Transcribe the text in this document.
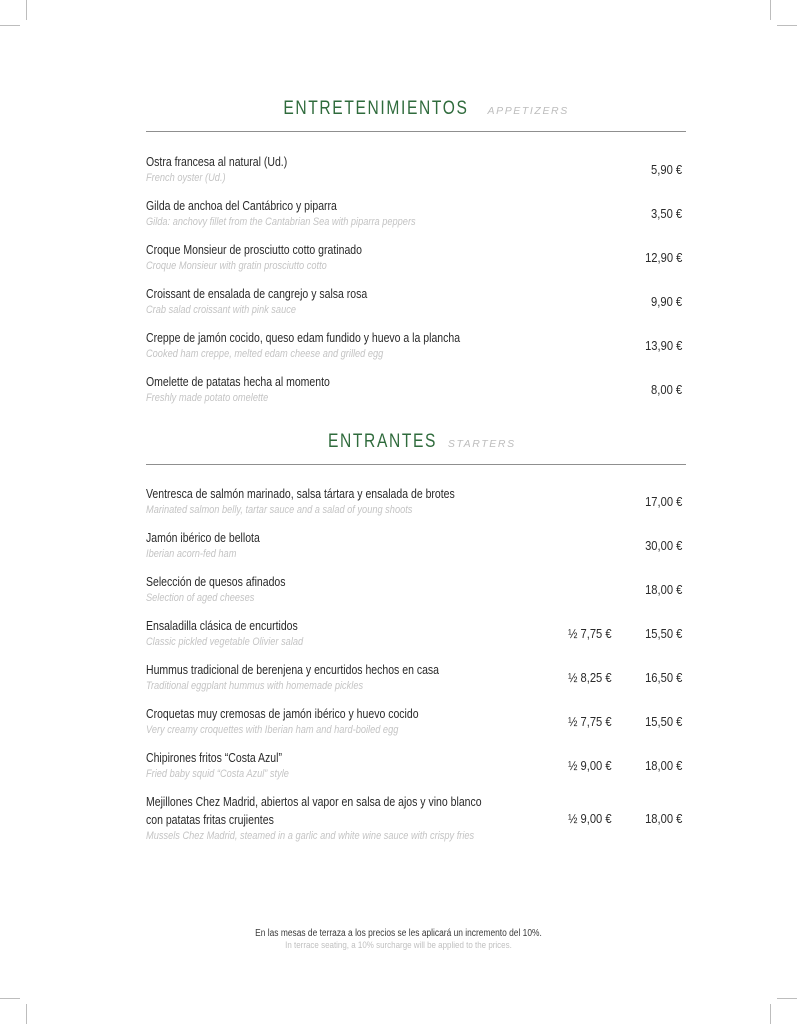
ENTRETENIMIENTOS APPETIZERS
Ostra francesa al natural (Ud.)
French oyster (Ud.)
5,90 €
Gilda de anchoa del Cantábrico y piparra
Gilda: anchovy fillet from the Cantabrian Sea with piparra peppers
3,50 €
Croque Monsieur de prosciutto cotto gratinado
Croque Monsieur with gratin prosciutto cotto
12,90 €
Croissant de ensalada de cangrejo y salsa rosa
Crab salad croissant with pink sauce
9,90 €
Creppe de jamón cocido, queso edam fundido y huevo a la plancha
Cooked ham creppe, melted edam cheese and grilled egg
13,90 €
Omelette de patatas hecha al momento
Freshly made potato omelette
8,00 €
ENTRANTES STARTERS
Ventresca de salmón marinado, salsa tártara y ensalada de brotes
Marinated salmon belly, tartar sauce and a salad of young shoots
17,00 €
Jamón ibérico de bellota
Iberian acorn-fed ham
30,00 €
Selección de quesos afinados
Selection of aged cheeses
18,00 €
Ensaladilla clásica de encurtidos
Classic pickled vegetable Olivier salad
½ 7,75 €	15,50 €
Hummus tradicional de berenjena y encurtidos hechos en casa
Traditional eggplant hummus with homemade pickles
½ 8,25 €	16,50 €
Croquetas muy cremosas de jamón ibérico y huevo cocido
Very creamy croquettes with Iberian ham and hard-boiled egg
½ 7,75 €	15,50 €
Chipirones fritos “Costa Azul”
Fried baby squid “Costa Azul” style
½ 9,00 €	18,00 €
Mejillones Chez Madrid, abiertos al vapor en salsa de ajos y vino blanco
con patatas fritas crujientes
Mussels Chez Madrid, steamed in a garlic and white wine sauce with crispy fries
½ 9,00 €	18,00 €
En las mesas de terraza a los precios se les aplicará un incremento del 10%.
In terrace seating, a 10% surcharge will be applied to the prices.
